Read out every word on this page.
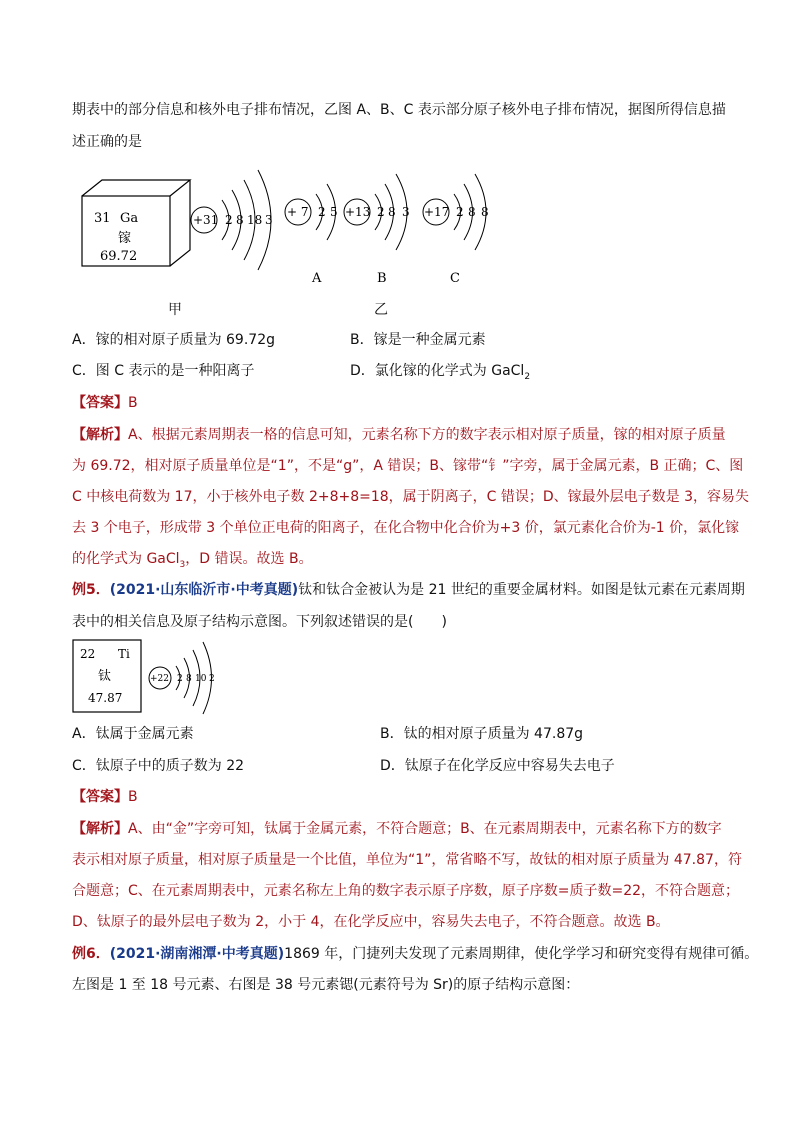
期表中的部分信息和核外电子排布情况，乙图 A、B、C 表示部分原子核外电子排布情况，据图所得信息描
述正确的是
31 Ga
镓
69.72
+31 2 8 18 3
+ 7 2 5
A
+13 2 8 3
B
+17 2 8 8
C
甲	乙
A．镓的相对原子质量为 69.72g	B．镓是一种金属元素
C．图 C 表示的是一种阳离子	D．氯化镓的化学式为 GaCl$_2$
【答案】B
【解析】A、根据元素周期表一格的信息可知，元素名称下方的数字表示相对原子质量，镓的相对原子质量
为 69.72，相对原子质量单位是“1”，不是“g”，A 错误；B、镓带“钅”字旁，属于金属元素，B 正确；C、图
C 中核电荷数为 17，小于核外电子数 2+8+8=18，属于阴离子，C 错误；D、镓最外层电子数是 3，容易失
去 3 个电子，形成带 3 个单位正电荷的阳离子，在化合物中化合价为+3 价，氯元素化合价为-1 价，氯化镓
的化学式为 GaCl$_3$，D 错误。故选 B。
例5．(2021·山东临沂市·中考真题)钛和钛合金被认为是 21 世纪的重要金属材料。如图是钛元素在元素周期
表中的相关信息及原子结构示意图。下列叙述错误的是(　　)
22 Ti
钛
47.87
+22 2 8 10 2
A．钛属于金属元素	B．钛的相对原子质量为 47.87g
C．钛原子中的质子数为 22	D．钛原子在化学反应中容易失去电子
【答案】B
【解析】A、由“金”字旁可知，钛属于金属元素，不符合题意；B、在元素周期表中，元素名称下方的数字
表示相对原子质量，相对原子质量是一个比值，单位为“1”，常省略不写，故钛的相对原子质量为 47.87，符
合题意；C、在元素周期表中，元素名称左上角的数字表示原子序数，原子序数=质子数=22，不符合题意；
D、钛原子的最外层电子数为 2，小于 4，在化学反应中，容易失去电子，不符合题意。故选 B。
例6．(2021·湖南湘潭·中考真题)1869 年，门捷列夫发现了元素周期律，使化学学习和研究变得有规律可循。
左图是 1 至 18 号元素、右图是 38 号元素锶(元素符号为 Sr)的原子结构示意图：
